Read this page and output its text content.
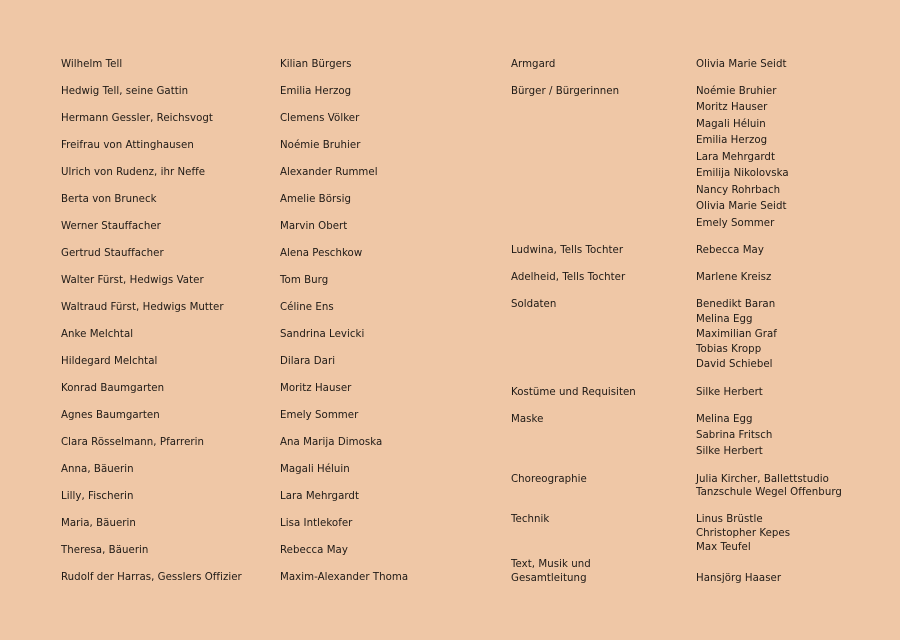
Wilhelm Tell
Hedwig Tell, seine Gattin
Hermann Gessler, Reichsvogt
Freifrau von Attinghausen
Ulrich von Rudenz, ihr Neffe
Berta von Bruneck
Werner Stauffacher
Gertrud Stauffacher
Walter Fürst, Hedwigs Vater
Waltraud Fürst, Hedwigs Mutter
Anke Melchtal
Hildegard Melchtal
Konrad Baumgarten
Agnes Baumgarten
Clara Rösselmann, Pfarrerin
Anna, Bäuerin
Lilly, Fischerin
Maria, Bäuerin
Theresa, Bäuerin
Rudolf der Harras, Gesslers Offizier
Kilian Bürgers
Emilia Herzog
Clemens Völker
Noémie Bruhier
Alexander Rummel
Amelie Börsig
Marvin Obert
Alena Peschkow
Tom Burg
Céline Ens
Sandrina Levicki
Dilara Dari
Moritz Hauser
Emely Sommer
Ana Marija Dimoska
Magali Héluin
Lara Mehrgardt
Lisa Intlekofer
Rebecca May
Maxim-Alexander Thoma
Armgard
Bürger / Bürgerinnen
Ludwina, Tells Tochter
Adelheid, Tells Tochter
Soldaten
Kostüme und Requisiten
Maske
Choreographie
Technik
Text, Musik und
Gesamtleitung
Olivia Marie Seidt
Noémie Bruhier
Moritz Hauser
Magali Héluin
Emilia Herzog
Lara Mehrgardt
Emilija Nikolovska
Nancy Rohrbach
Olivia Marie Seidt
Emely Sommer
Rebecca May
Marlene Kreisz
Benedikt Baran
Melina Egg
Maximilian Graf
Tobias Kropp
David Schiebel
Silke Herbert
Melina Egg
Sabrina Fritsch
Silke Herbert
Julia Kircher, Ballettstudio
Tanzschule Wegel Offenburg
Linus Brüstle
Christopher Kepes
Max Teufel
Hansjörg Haaser
